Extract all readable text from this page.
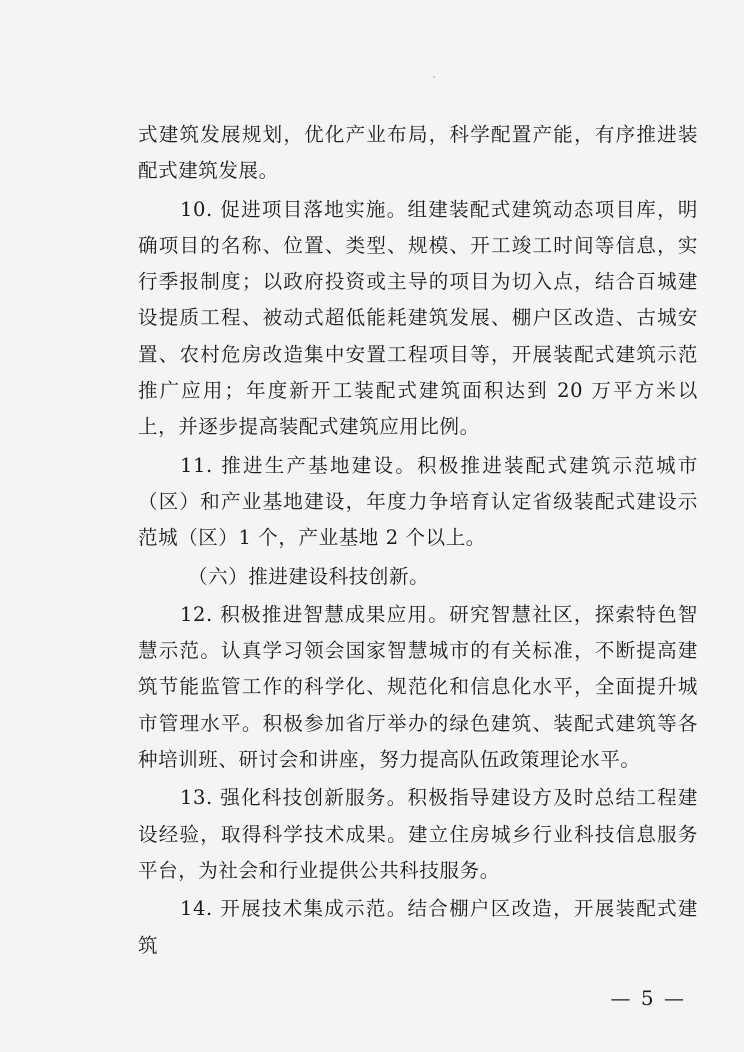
式建筑发展规划，优化产业布局，科学配置产能，有序推进装配式建筑发展。

10. 促进项目落地实施。组建装配式建筑动态项目库，明确项目的名称、位置、类型、规模、开工竣工时间等信息，实行季报制度；以政府投资或主导的项目为切入点，结合百城建设提质工程、被动式超低能耗建筑发展、棚户区改造、古城安置、农村危房改造集中安置工程项目等，开展装配式建筑示范推广应用；年度新开工装配式建筑面积达到 20 万平方米以上，并逐步提高装配式建筑应用比例。

11. 推进生产基地建设。积极推进装配式建筑示范城市（区）和产业基地建设，年度力争培育认定省级装配式建设示范城（区）1 个，产业基地 2 个以上。

（六）推进建设科技创新。

12. 积极推进智慧成果应用。研究智慧社区，探索特色智慧示范。认真学习领会国家智慧城市的有关标准，不断提高建筑节能监管工作的科学化、规范化和信息化水平，全面提升城市管理水平。积极参加省厅举办的绿色建筑、装配式建筑等各种培训班、研讨会和讲座，努力提高队伍政策理论水平。

13. 强化科技创新服务。积极指导建设方及时总结工程建设经验，取得科学技术成果。建立住房城乡行业科技信息服务平台，为社会和行业提供公共科技服务。

14. 开展技术集成示范。结合棚户区改造，开展装配式建筑

— 5 —
